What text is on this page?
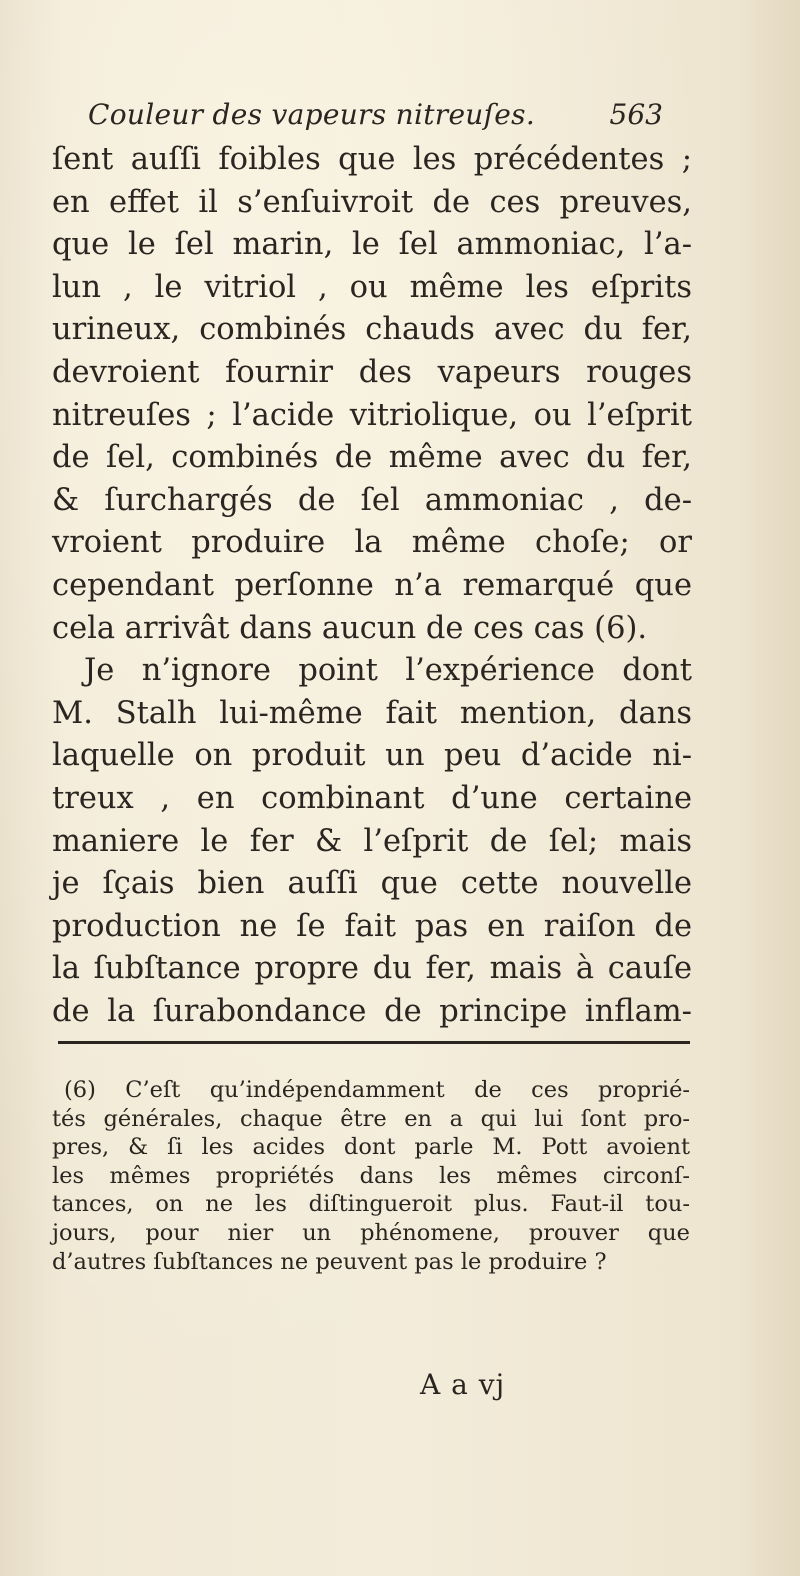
Couleur des vapeurs nitreuſes.	563
ſent auſſi foibles que les précédentes ;
en effet il s’enſuivroit de ces preuves,
que le ſel marin, le ſel ammoniac, l’a-
lun , le vitriol , ou même les eſprits
urineux, combinés chauds avec du fer,
devroient fournir des vapeurs rouges
nitreuſes ; l’acide vitriolique, ou l’eſprit
de ſel, combinés de même avec du fer,
& ſurchargés de ſel ammoniac , de-
vroient produire la même choſe; or
cependant perſonne n’a remarqué que
cela arrivât dans aucun de ces cas (6).
Je n’ignore point l’expérience dont
M. Stalh lui-même fait mention, dans
laquelle on produit un peu d’acide ni-
treux , en combinant d’une certaine
maniere le fer & l’eſprit de ſel; mais
je ſçais bien auſſi que cette nouvelle
production ne ſe fait pas en raiſon de
la ſubſtance propre du fer, mais à cauſe
de la ſurabondance de principe inflam-
(6) C’eſt qu’indépendamment de ces proprié-
tés générales, chaque être en a qui lui ſont pro-
pres, & ſi les acides dont parle M. Pott avoient
les mêmes propriétés dans les mêmes circonſ-
tances, on ne les diſtingueroit plus. Faut-il tou-
jours, pour nier un phénomene, prouver que
d’autres ſubſtances ne peuvent pas le produire ?
A a vj
